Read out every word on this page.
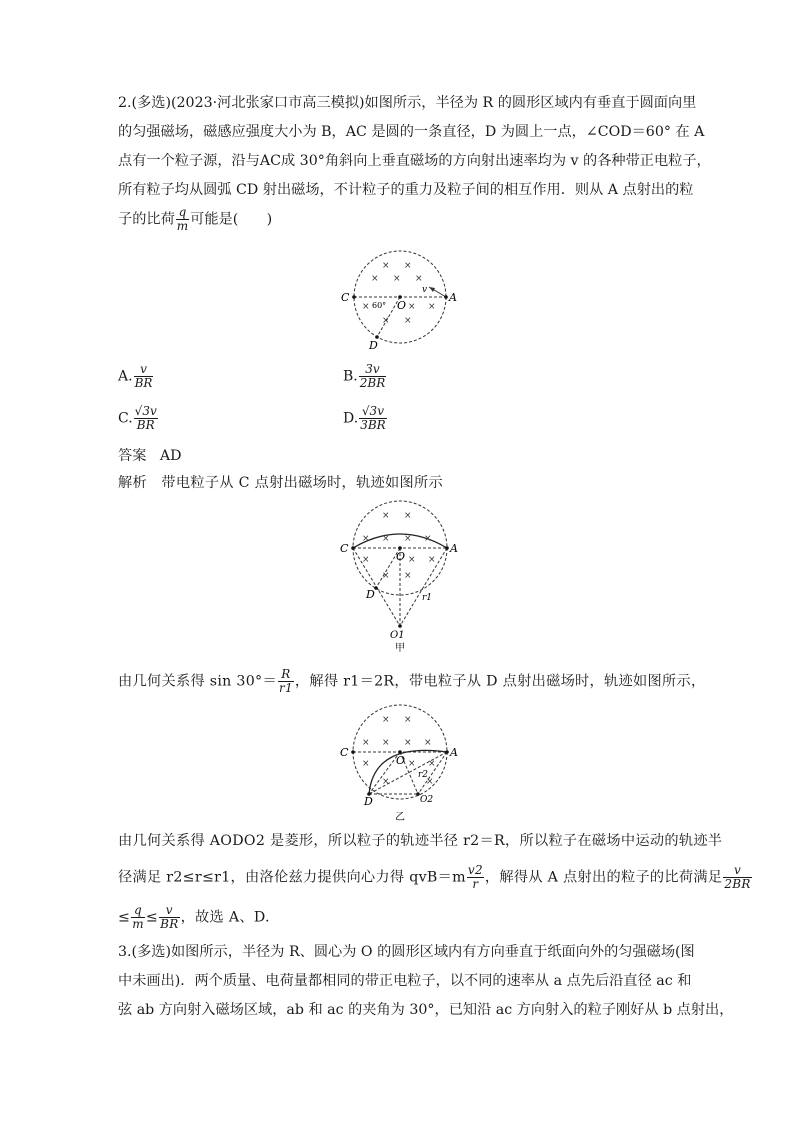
2.(多选)(2023·河北张家口市高三模拟)如图所示，半径为 R 的圆形区域内有垂直于圆面向里
的匀强磁场，磁感应强度大小为 B，AC 是圆的一条直径，D 为圆上一点，∠COD＝60° 在 A
点有一个粒子源，沿与AC成 30°角斜向上垂直磁场的方向射出速率均为 v 的各种带正电粒子，
所有粒子均从圆弧 CD 射出磁场，不计粒子的重力及粒子间的相互作用．则从 A 点射出的粒
子的比荷 $\frac{q}{m}$ 可能是(　　)
× ×
× × ×
×	× ×
× ×
C	A
O
D
60°
v
A. $\frac{v}{BR}$	B. $\frac{3v}{2BR}$
C. $\frac{√3v}{BR}$	D. $\frac{√3v}{3BR}$
答案 AD
解析 带电粒子从 C 点射出磁场时，轨迹如图所示
× ×
× × × ×
×	× ×
× ×
C	A
O
D
O1
r1
甲
由几何关系得 $\sin 30^\circ= \frac{R}{r1}$ ，解得 r1＝2R，带电粒子从 D 点射出磁场时，轨迹如图所示，
× ×
× × × ×
×	× ×
×	×
C	A
O
D	O2
r2
乙
由几何关系得 AODO2 是菱形，所以粒子的轨迹半径 r2＝R，所以粒子在磁场中运动的轨迹半
径满足 r2≤r≤r1，由洛伦兹力提供向心力得 $qvB=m \frac{v2}{r}$ ，解得从 A 点射出的粒子的比荷满足 $\frac{v}{2BR}$
≤ $\frac{q}{m} \le \frac{v}{BR}$ ，故选 A、D.
3.(多选)如图所示，半径为 R、圆心为 O 的圆形区域内有方向垂直于纸面向外的匀强磁场(图
中未画出)．两个质量、电荷量都相同的带正电粒子，以不同的速率从 a 点先后沿直径 ac 和
弦 ab 方向射入磁场区域，ab 和 ac 的夹角为 30°，已知沿 ac 方向射入的粒子刚好从 b 点射出，
